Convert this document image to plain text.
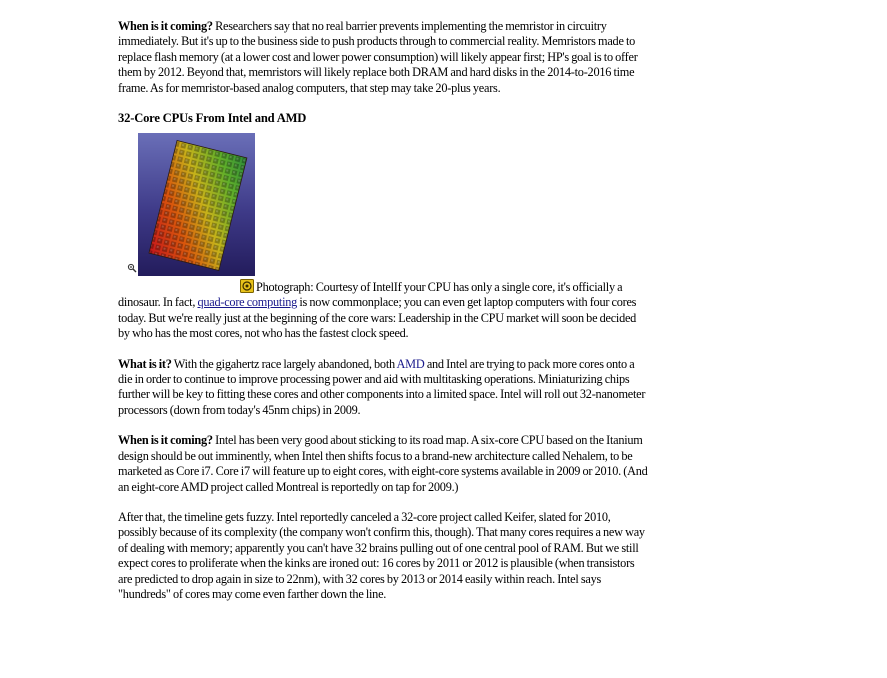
When is it coming? Researchers say that no real barrier prevents implementing the memristor in circuitry immediately. But it's up to the business side to push products through to commercial reality. Memristors made to replace flash memory (at a lower cost and lower power consumption) will likely appear first; HP's goal is to offer them by 2012. Beyond that, memristors will likely replace both DRAM and hard disks in the 2014-to-2016 time frame. As for memristor-based analog computers, that step may take 20-plus years.

32-Core CPUs From Intel and AMD

Photograph: Courtesy of IntelIf your CPU has only a single core, it's officially a dinosaur. In fact, quad-core computing is now commonplace; you can even get laptop computers with four cores today. But we're really just at the beginning of the core wars: Leadership in the CPU market will soon be decided by who has the most cores, not who has the fastest clock speed.

What is it? With the gigahertz race largely abandoned, both AMD and Intel are trying to pack more cores onto a die in order to continue to improve processing power and aid with multitasking operations. Miniaturizing chips further will be key to fitting these cores and other components into a limited space. Intel will roll out 32-nanometer processors (down from today's 45nm chips) in 2009.

When is it coming? Intel has been very good about sticking to its road map. A six-core CPU based on the Itanium design should be out imminently, when Intel then shifts focus to a brand-new architecture called Nehalem, to be marketed as Core i7. Core i7 will feature up to eight cores, with eight-core systems available in 2009 or 2010. (And an eight-core AMD project called Montreal is reportedly on tap for 2009.)

After that, the timeline gets fuzzy. Intel reportedly canceled a 32-core project called Keifer, slated for 2010, possibly because of its complexity (the company won't confirm this, though). That many cores requires a new way of dealing with memory; apparently you can't have 32 brains pulling out of one central pool of RAM. But we still expect cores to proliferate when the kinks are ironed out: 16 cores by 2011 or 2012 is plausible (when transistors are predicted to drop again in size to 22nm), with 32 cores by 2013 or 2014 easily within reach. Intel says "hundreds" of cores may come even farther down the line.
